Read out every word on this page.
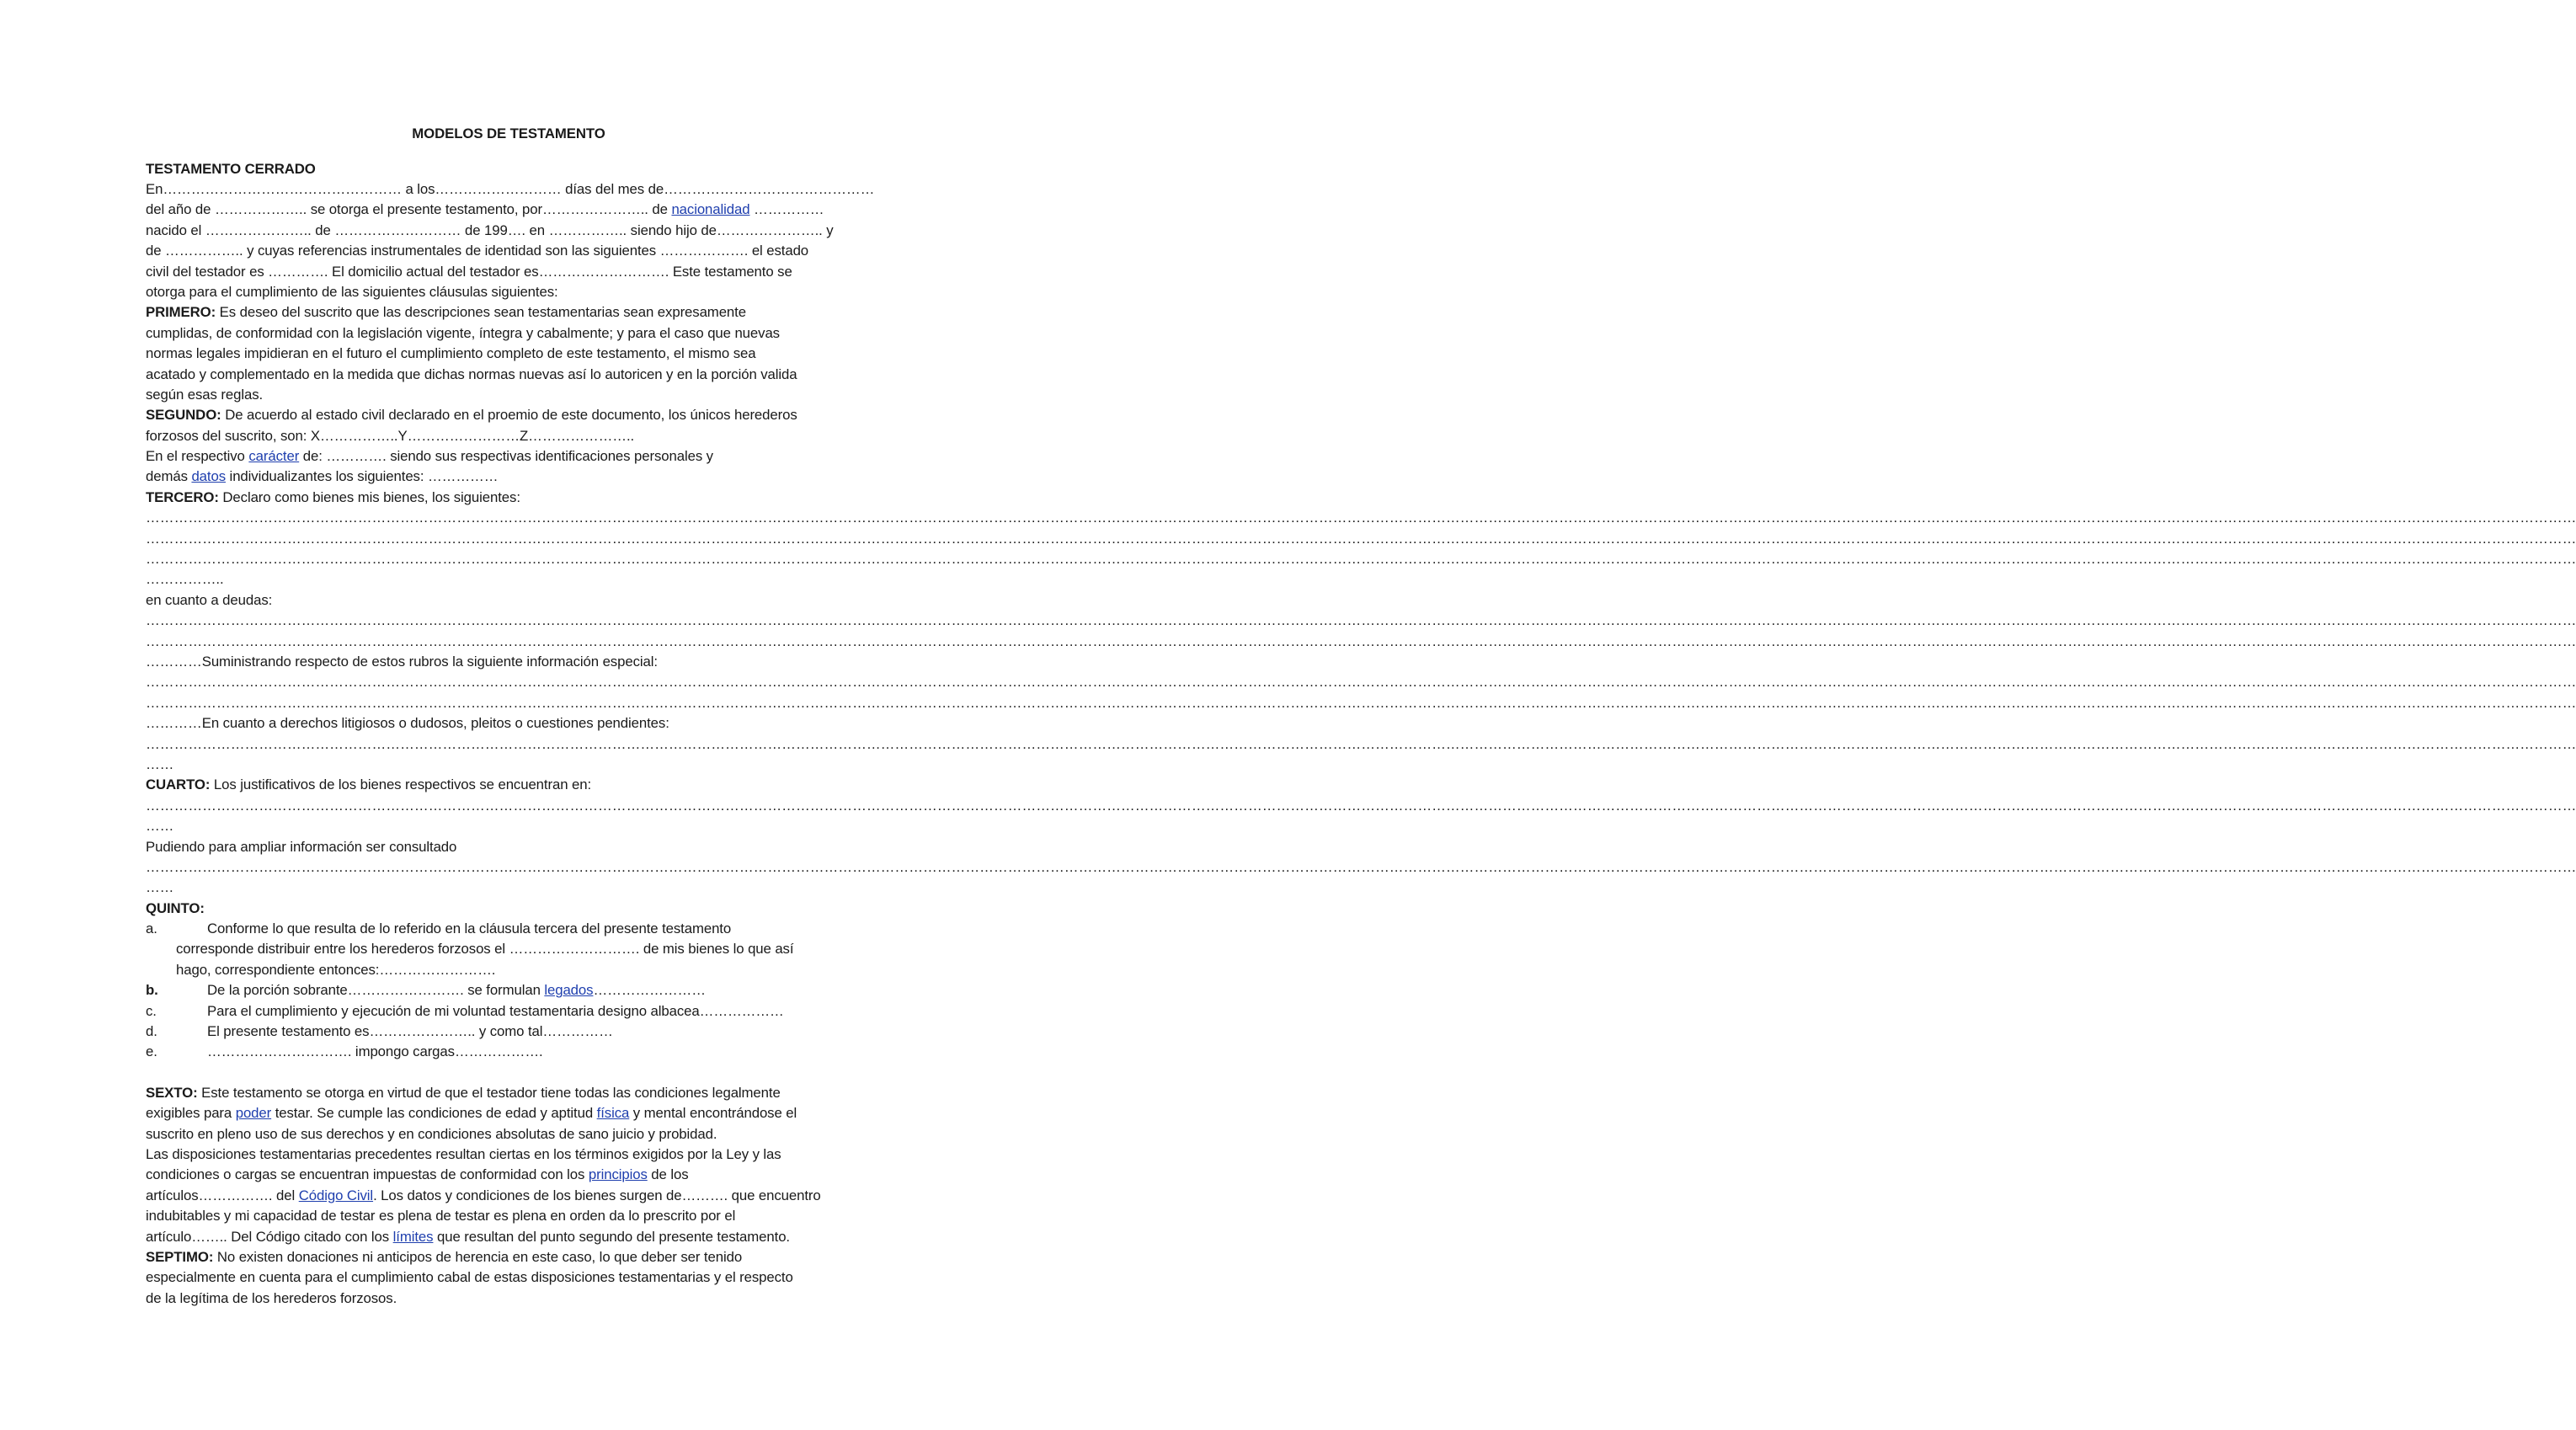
MODELOS DE TESTAMENTO
TESTAMENTO CERRADO
En…………………………………………… a los……………………… días del mes de………………………………………
del año de ……………….. se otorga el presente testamento, por………………….. de nacionalidad ……………
nacido el ………………….. de ……………………… de 199…. en …………….. siendo hijo de………………….. y
de …………….. y cuyas referencias instrumentales de identidad son las siguientes ………………. el estado
civil del testador es …………. El domicilio actual del testador es………………………. Este testamento se
otorga para el cumplimiento de las siguientes cláusulas siguientes:
PRIMERO: Es deseo del suscrito que las descripciones sean testamentarias sean expresamente
cumplidas, de conformidad con la legislación vigente, íntegra y cabalmente; y para el caso que nuevas
normas legales impidieran en el futuro el cumplimiento completo de este testamento, el mismo sea
acatado y complementado en la medida que dichas normas nuevas así lo autoricen y en la porción valida
según esas reglas.
SEGUNDO: De acuerdo al estado civil declarado en el proemio de este documento, los únicos herederos
forzosos del suscrito, son: X……………..Y……………………Z…………………..
En el respectivo carácter de: …………. siendo sus respectivas identificaciones personales y
demás datos individualizantes los siguientes: ……………
TERCERO: Declaro como bienes mis bienes, los siguientes:
…………………………………………………………………………………………………………………………………………………………………………………………………………………………………………………………………………………………………………………………………………………………………………………………………………………………………………………………………………
…………………………………………………………………………………………………………………………………………………………………………………………………………………………………………………………………………………………………………………………………………………………………………………………………………………………………………………………………………
…………………………………………………………………………………………………………………………………………………………………………………………………………………………………………………………………………………………………………………………………………………………………………………………………………………………………………………………………………
……………..
en cuanto a deudas:
…………………………………………………………………………………………………………………………………………………………………………………………………………………………………………………………………………………………………………………………………………………………………………………………………………………………………………………………………………
…………………………………………………………………………………………………………………………………………………………………………………………………………………………………………………………………………………………………………………………………………………………………………………………………………………………………………………………………………
…………Suministrando respecto de estos rubros la siguiente información especial:
…………………………………………………………………………………………………………………………………………………………………………………………………………………………………………………………………………………………………………………………………………………………………………………………………………………………………………………………………………
…………………………………………………………………………………………………………………………………………………………………………………………………………………………………………………………………………………………………………………………………………………………………………………………………………………………………………………………………………
…………En cuanto a derechos litigiosos o dudosos, pleitos o cuestiones pendientes:
…………………………………………………………………………………………………………………………………………………………………………………………………………………………………………………………………………………………………………………………………………………………………………………………………………………………………………………………………………
……
CUARTO: Los justificativos de los bienes respectivos se encuentran en:
…………………………………………………………………………………………………………………………………………………………………………………………………………………………………………………………………………………………………………………………………………………………………………………………………………………………………………………………………………
……
Pudiendo para ampliar información ser consultado
…………………………………………………………………………………………………………………………………………………………………………………………………………………………………………………………………………………………………………………………………………………………………………………………………………………………………………………………………………
……
QUINTO:
a.	Conforme lo que resulta de lo referido en la cláusula tercera del presente testamento
corresponde distribuir entre los herederos forzosos el ………………………. de mis bienes lo que así
hago, correspondiente entonces:…………………….
b.	De la porción sobrante……………………. se formulan legados……………………
c.	Para el cumplimiento y ejecución de mi voluntad testamentaria designo albacea………………
d.	El presente testamento es………………….. y como tal……………
e.	…………………………. impongo cargas……………….
SEXTO: Este testamento se otorga en virtud de que el testador tiene todas las condiciones legalmente
exigibles para poder testar. Se cumple las condiciones de edad y aptitud física y mental encontrándose el
suscrito en pleno uso de sus derechos y en condiciones absolutas de sano juicio y probidad.
Las disposiciones testamentarias precedentes resultan ciertas en los términos exigidos por la Ley y las
condiciones o cargas se encuentran impuestas de conformidad con los principios de los
artículos……………. del Código Civil. Los datos y condiciones de los bienes surgen de………. que encuentro
indubitables y mi capacidad de testar es plena de testar es plena en orden da lo prescrito por el
artículo…….. Del Código citado con los límites que resultan del punto segundo del presente testamento.
SEPTIMO: No existen donaciones ni anticipos de herencia en este caso, lo que deber ser tenido
especialmente en cuenta para el cumplimiento cabal de estas disposiciones testamentarias y el respecto
de la legítima de los herederos forzosos.
